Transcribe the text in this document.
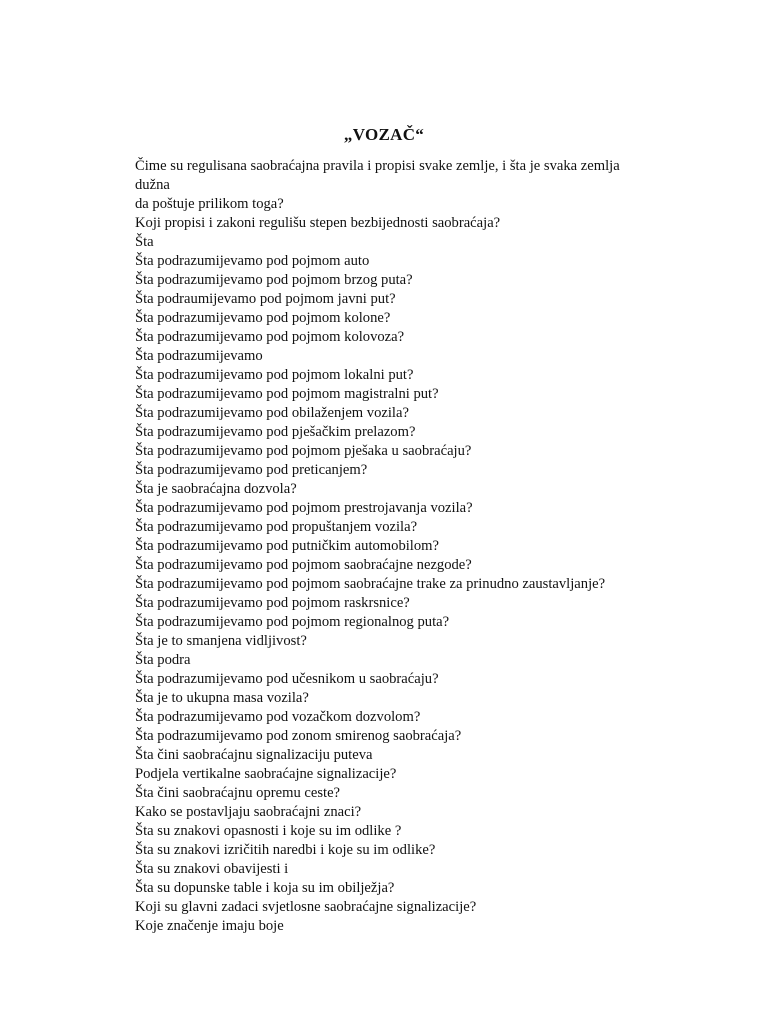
„VOZAČ“
Čime su regulisana saobraćajna pravila i propisi svake zemlje, i šta je svaka zemlja dužna
da poštuje prilikom toga?
Koji propisi i zakoni regulišu stepen bezbijednosti saobraćaja?
Šta
Šta podrazumijevamo pod pojmom auto
Šta podrazumijevamo pod pojmom brzog puta?
Šta podraumijevamo pod pojmom javni put?
Šta podrazumijevamo pod pojmom kolone?
Šta podrazumijevamo pod pojmom kolovoza?
Šta podrazumijevamo
Šta podrazumijevamo pod pojmom lokalni put?
Šta podrazumijevamo pod pojmom magistralni put?
Šta podrazumijevamo pod obilaženjem vozila?
Šta podrazumijevamo pod pješačkim prelazom?
Šta podrazumijevamo pod pojmom pješaka u saobraćaju?
Šta podrazumijevamo pod preticanjem?
Šta je saobraćajna dozvola?
Šta podrazumijevamo pod pojmom prestrojavanja vozila?
Šta podrazumijevamo pod propuštanjem vozila?
Šta podrazumijevamo pod putničkim automobilom?
Šta podrazumijevamo pod pojmom saobraćajne nezgode?
Šta podrazumijevamo pod pojmom saobraćajne trake za prinudno zaustavljanje?
Šta podrazumijevamo pod pojmom raskrsnice?
Šta podrazumijevamo pod pojmom regionalnog puta?
Šta je to smanjena vidljivost?
Šta podra
Šta podrazumijevamo pod učesnikom u saobraćaju?
Šta je to ukupna masa vozila?
Šta podrazumijevamo pod vozačkom dozvolom?
Šta podrazumijevamo pod zonom smirenog saobraćaja?
Šta čini saobraćajnu signalizaciju puteva
Podjela vertikalne saobraćajne signalizacije?
Šta čini saobraćajnu opremu ceste?
Kako se postavljaju saobraćajni znaci?
Šta su znakovi opasnosti i koje su im odlike ?
Šta su znakovi izričitih naredbi i koje su im odlike?
Šta su znakovi obavijesti i
Šta su dopunske table i koja su im obilježja?
Koji su glavni zadaci svjetlosne saobraćajne signalizacije?
Koje značenje imaju boje
